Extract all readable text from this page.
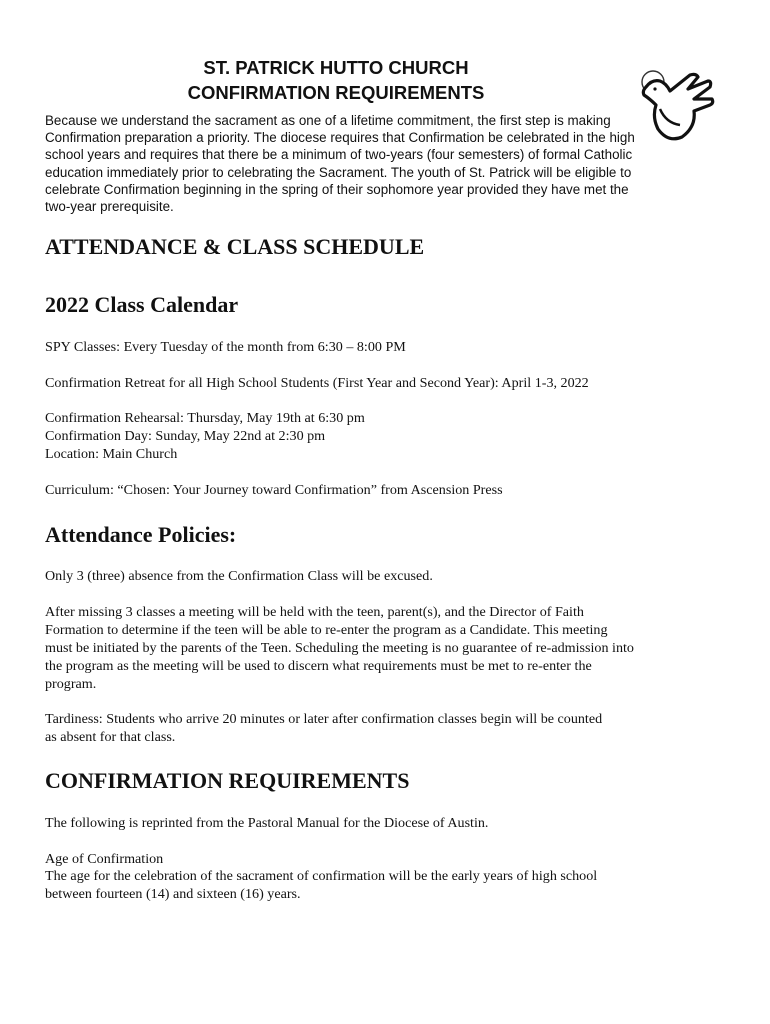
ST. PATRICK HUTTO CHURCH
CONFIRMATION REQUIREMENTS

Because we understand the sacrament as one of a lifetime commitment, the first step is making Confirmation preparation a priority. The diocese requires that Confirmation be celebrated in the high school years and requires that there be a minimum of two-years (four semesters) of formal Catholic education immediately prior to celebrating the Sacrament. The youth of St. Patrick will be eligible to celebrate Confirmation beginning in the spring of their sophomore year provided they have met the two-year prerequisite.

ATTENDANCE & CLASS SCHEDULE
2022 Class Calendar

SPY Classes: Every Tuesday of the month from 6:30 – 8:00 PM

Confirmation Retreat for all High School Students (First Year and Second Year): April 1-3, 2022

Confirmation Rehearsal: Thursday, May 19th at 6:30 pm

Confirmation Day: Sunday, May 22nd at 2:30 pm

Location: Main Church

Curriculum: “Chosen: Your Journey toward Confirmation” from Ascension Press

Attendance Policies:

Only 3 (three) absence from the Confirmation Class will be excused.

After missing 3 classes a meeting will be held with the teen, parent(s), and the Director of Faith Formation to determine if the teen will be able to re-enter the program as a Candidate. This meeting must be initiated by the parents of the Teen. Scheduling the meeting is no guarantee of re-admission into the program as the meeting will be used to discern what requirements must be met to re-enter the program.

Tardiness: Students who arrive 20 minutes or later after confirmation classes begin will be counted as absent for that class.

CONFIRMATION REQUIREMENTS

The following is reprinted from the Pastoral Manual for the Diocese of Austin.

Age of Confirmation

The age for the celebration of the sacrament of confirmation will be the early years of high school between fourteen (14) and sixteen (16) years.
